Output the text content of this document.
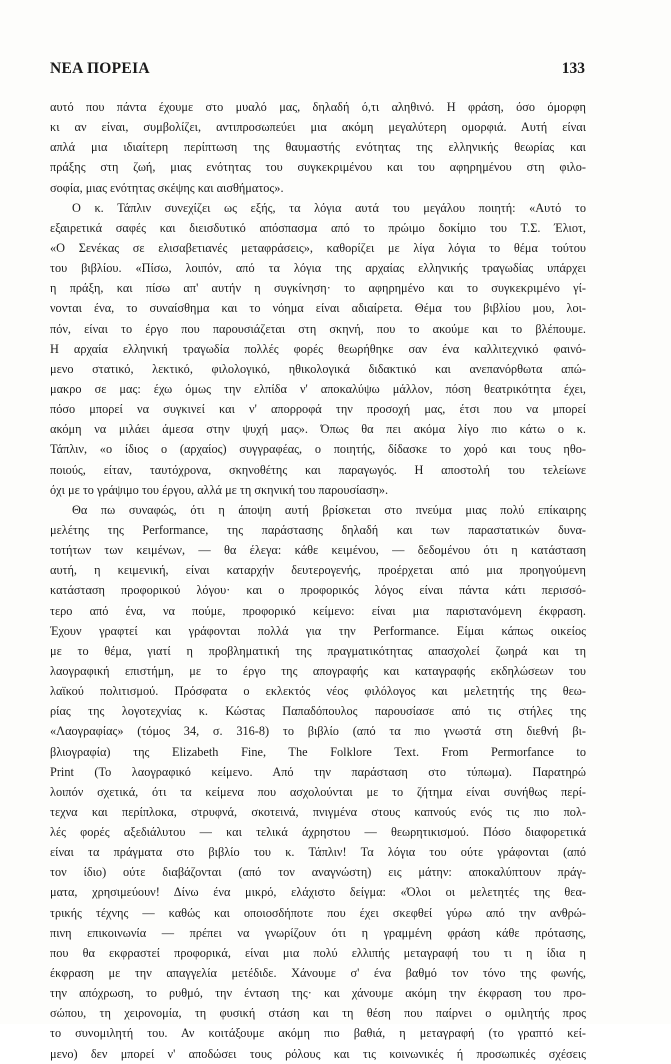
ΝΕΑ ΠΟΡΕΙΑ	133
αυτό που πάντα έχουμε στο μυαλό μας, δηλαδή ό,τι αληθινό. Η φράση, όσο όμορφη
κι αν είναι, συμβολίζει, αντιπροσωπεύει μια ακόμη μεγαλύτερη ομορφιά. Αυτή είναι
απλά μια ιδιαίτερη περίπτωση της θαυμαστής ενότητας της ελληνικής θεωρίας και
πράξης στη ζωή, μιας ενότητας του συγκεκριμένου και του αφηρημένου στη φιλο-
σοφία, μιας ενότητας σκέψης και αισθήματος».
Ο κ. Τάπλιν συνεχίζει ως εξής, τα λόγια αυτά του μεγάλου ποιητή: «Αυτό το
εξαιρετικά σαφές και διεισδυτικό απόσπασμα από το πρώιμο δοκίμιο του Τ.Σ. Έλιοτ,
«Ο Σενέκας σε ελισαβετιανές μεταφράσεις», καθορίζει με λίγα λόγια το θέμα τούτου
του βιβλίου. «Πίσω, λοιπόν, από τα λόγια της αρχαίας ελληνικής τραγωδίας υπάρχει
η πράξη, και πίσω απ' αυτήν η συγκίνηση· το αφηρημένο και το συγκεκριμένο γί-
νονται ένα, το συναίσθημα και το νόημα είναι αδιαίρετα. Θέμα του βιβλίου μου, λοι-
πόν, είναι το έργο που παρουσιάζεται στη σκηνή, που το ακούμε και το βλέπουμε.
Η αρχαία ελληνική τραγωδία πολλές φορές θεωρήθηκε σαν ένα καλλιτεχνικό φαινό-
μενο στατικό, λεκτικό, φιλολογικό, ηθικολογικά διδακτικό και ανεπανόρθωτα απώ-
μακρο σε μας: έχω όμως την ελπίδα ν' αποκαλύψω μάλλον, πόση θεατρικότητα έχει,
πόσο μπορεί να συγκινεί και ν' απορροφά την προσοχή μας, έτσι που να μπορεί
ακόμη να μιλάει άμεσα στην ψυχή μας». Όπως θα πει ακόμα λίγο πιο κάτω ο κ.
Τάπλιν, «ο ίδιος ο (αρχαίος) συγγραφέας, ο ποιητής, δίδασκε το χορό και τους ηθο-
ποιούς, είταν, ταυτόχρονα, σκηνοθέτης και παραγωγός. Η αποστολή του τελείωνε
όχι με το γράψιμο του έργου, αλλά με τη σκηνική του παρουσίαση».
Θα πω συναφώς, ότι η άποψη αυτή βρίσκεται στο πνεύμα μιας πολύ επίκαιρης
μελέτης της Performance, της παράστασης δηλαδή και των παραστατικών δυνα-
τοτήτων των κειμένων, — θα έλεγα: κάθε κειμένου, — δεδομένου ότι η κατάσταση
αυτή, η κειμενική, είναι καταρχήν δευτερογενής, προέρχεται από μια προηγούμενη
κατάσταση προφορικού λόγου· και ο προφορικός λόγος είναι πάντα κάτι περισσό-
τερο από ένα, να πούμε, προφορικό κείμενο: είναι μια παριστανόμενη έκφραση.
Έχουν γραφτεί και γράφονται πολλά για την Performance. Είμαι κάπως οικείος
με το θέμα, γιατί η προβληματική της πραγματικότητας απασχολεί ζωηρά και τη
λαογραφική επιστήμη, με το έργο της απογραφής και καταγραφής εκδηλώσεων του
λαϊκού πολιτισμού. Πρόσφατα ο εκλεκτός νέος φιλόλογος και μελετητής της θεω-
ρίας της λογοτεχνίας κ. Κώστας Παπαδόπουλος παρουσίασε από τις στήλες της
«Λαογραφίας» (τόμος 34, σ. 316-8) το βιβλίο (από τα πιο γνωστά στη διεθνή βι-
βλιογραφία) της Elizabeth Fine, The Folklore Text. From Permorfance to
Print (Το λαογραφικό κείμενο. Από την παράσταση στο τύπωμα). Παρατηρώ
λοιπόν σχετικά, ότι τα κείμενα που ασχολούνται με το ζήτημα είναι συνήθως περί-
τεχνα και περίπλοκα, στρυφνά, σκοτεινά, πνιγμένα στους καπνούς ενός τις πιο πολ-
λές φορές αξεδιάλυτου — και τελικά άχρηστου — θεωρητικισμού. Πόσο διαφορετικά
είναι τα πράγματα στο βιβλίο του κ. Τάπλιν! Τα λόγια του ούτε γράφονται (από
τον ίδιο) ούτε διαβάζονται (από τον αναγνώστη) εις μάτην: αποκαλύπτουν πράγ-
ματα, χρησιμεύουν! Δίνω ένα μικρό, ελάχιστο δείγμα: «Όλοι οι μελετητές της θεα-
τρικής τέχνης — καθώς και οποιοσδήποτε που έχει σκεφθεί γύρω από την ανθρώ-
πινη επικοινωνία — πρέπει να γνωρίζουν ότι η γραμμένη φράση κάθε πρότασης,
που θα εκφραστεί προφορικά, είναι μια πολύ ελλιπής μεταγραφή του τι η ίδια η
έκφραση με την απαγγελία μετέδιδε. Χάνουμε σ' ένα βαθμό τον τόνο της φωνής,
την απόχρωση, το ρυθμό, την ένταση της· και χάνουμε ακόμη την έκφραση του προ-
σώπου, τη χειρονομία, τη φυσική στάση και τη θέση που παίρνει ο ομιλητής προς
το συνομιλητή του. Αν κοιτάξουμε ακόμη πιο βαθιά, η μεταγραφή (το γραπτό κεί-
μενο) δεν μπορεί ν' αποδώσει τους ρόλους και τις κοινωνικές ή προσωπικές σχέσεις
